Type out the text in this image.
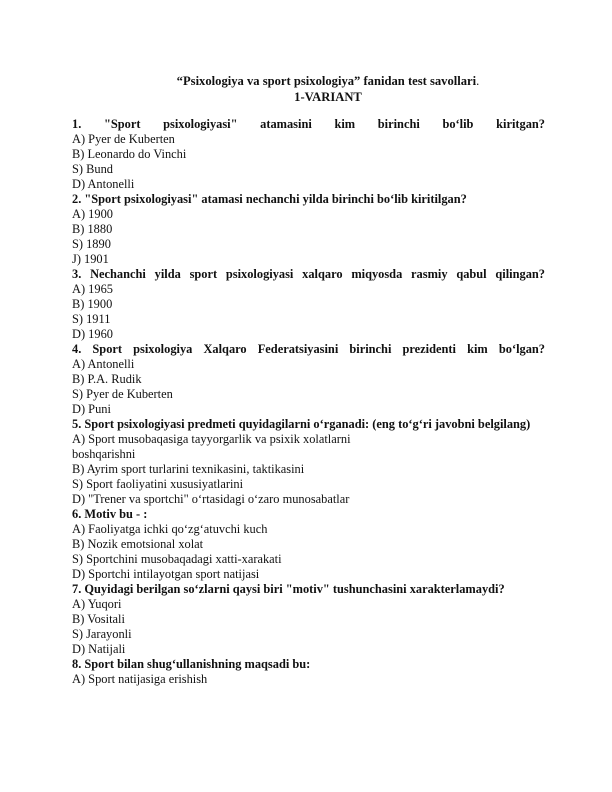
“Psixologiya va sport psixologiya” fanidan test savollari.
1-VARIANT
1. "Sport psixologiyasi" atamasini kim birinchi bo‘lib kiritgan?
A) Pyer de Kuberten
B) Leonardo do Vinchi
S) Bund
D) Antonelli
2. "Sport psixologiyasi" atamasi nechanchi yilda birinchi bo‘lib kiritilgan?
A) 1900
B) 1880
S) 1890
J) 1901
3. Nechanchi yilda sport psixologiyasi xalqaro miqyosda rasmiy qabul qilingan?
A) 1965
B) 1900
S) 1911
D) 1960
4. Sport psixologiya Xalqaro Federatsiyasini birinchi prezidenti kim bo‘lgan?
A) Antonelli
B) P.A. Rudik
S) Pyer de Kuberten
D) Puni
5. Sport psixologiyasi predmeti quyidagilarni o‘rganadi: (eng to‘g‘ri javobni belgilang)
A) Sport musobaqasiga tayyorgarlik va psixik xolatlarni boshqarishni
B) Ayrim sport turlarini texnikasini, taktikasini
S) Sport faoliyatini xususiyatlarini
D) "Trener va sportchi" o‘rtasidagi o‘zaro munosabatlar
6. Motiv bu - :
A) Faoliyatga ichki qo‘zg‘atuvchi kuch
B) Nozik emotsional xolat
S) Sportchini musobaqadagi xatti-xarakati
D) Sportchi intilayotgan sport natijasi
7. Quyidagi berilgan so‘zlarni qaysi biri "motiv" tushunchasini xarakterlamaydi?
A) Yuqori
B) Vositali
S) Jarayonli
D) Natijali
8. Sport bilan shug‘ullanishning maqsadi bu:
A) Sport natijasiga erishish
